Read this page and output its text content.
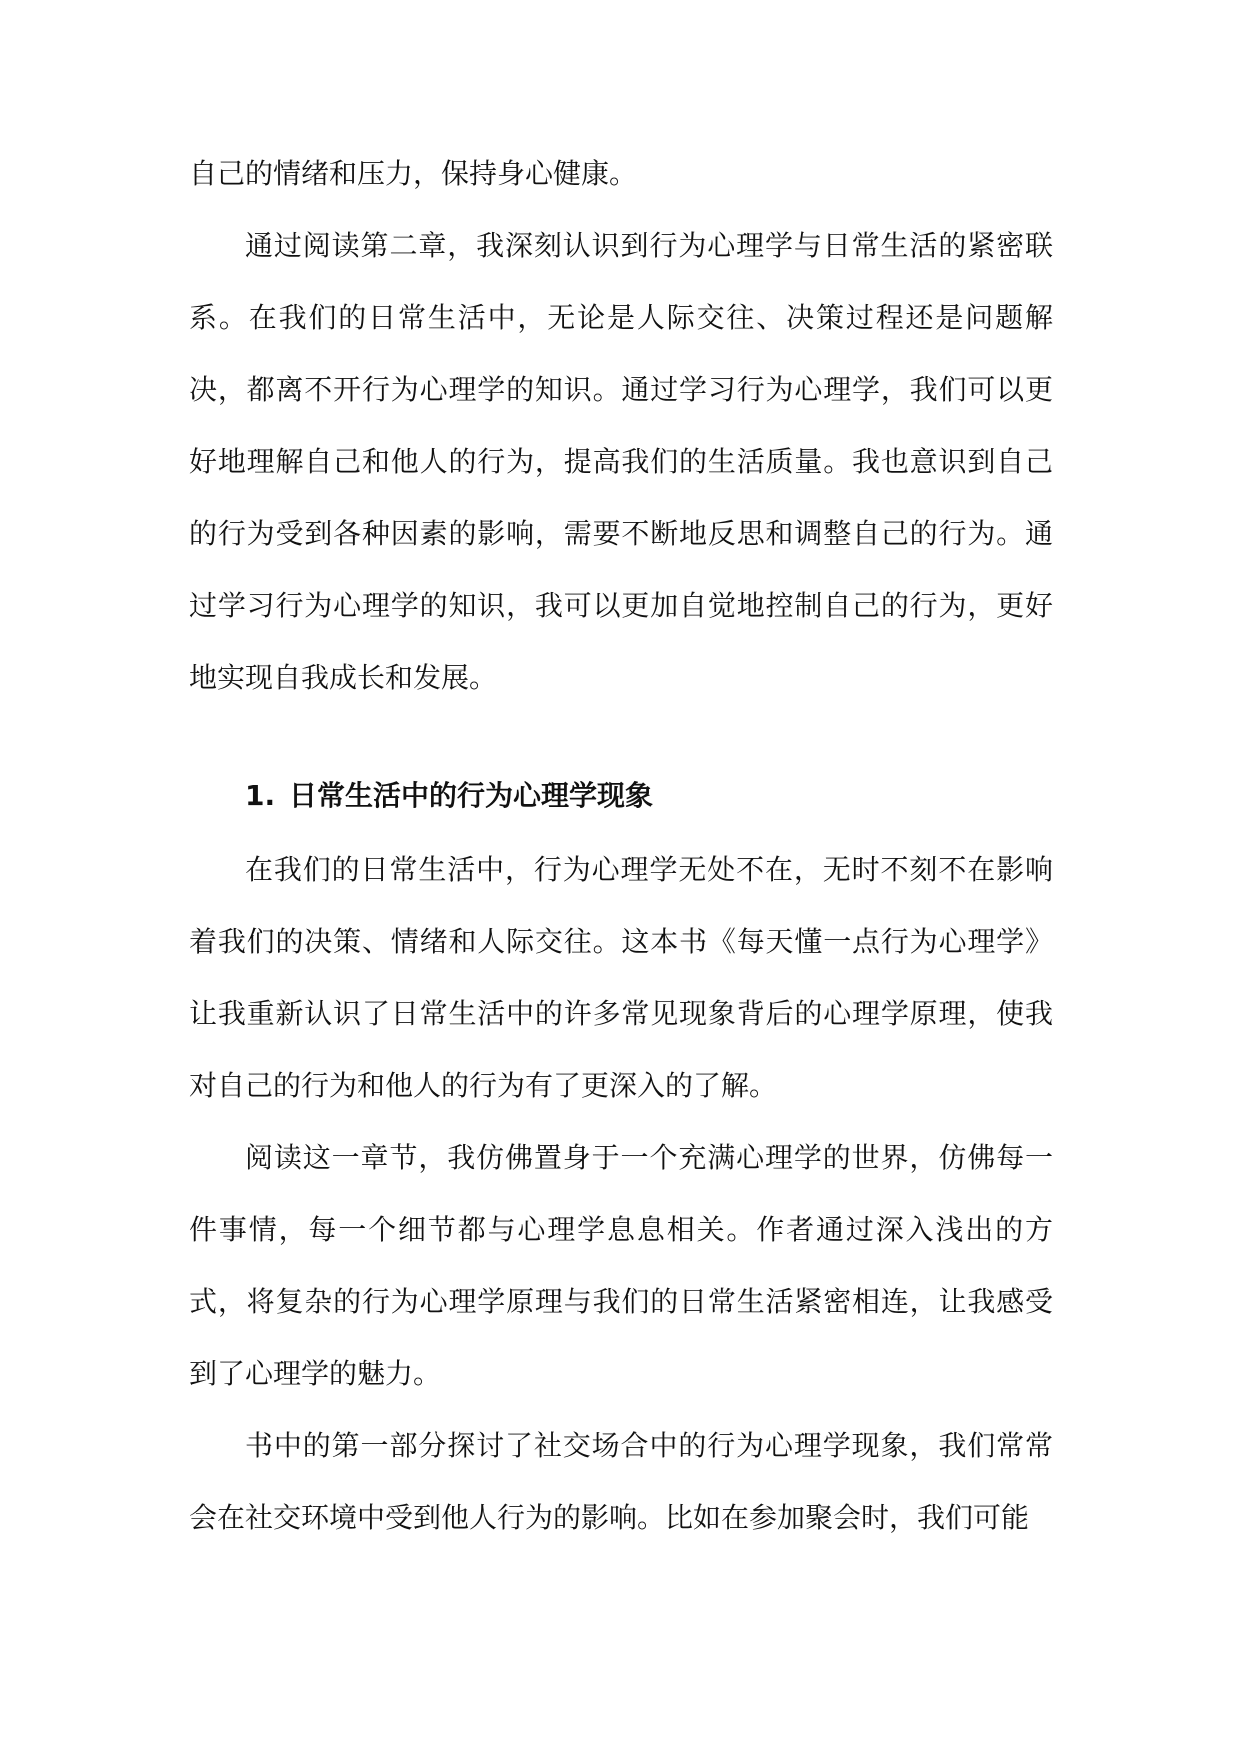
自己的情绪和压力，保持身心健康。

通过阅读第二章，我深刻认识到行为心理学与日常生活的紧密联系。在我们的日常生活中，无论是人际交往、决策过程还是问题解决，都离不开行为心理学的知识。通过学习行为心理学，我们可以更好地理解自己和他人的行为，提高我们的生活质量。我也意识到自己的行为受到各种因素的影响，需要不断地反思和调整自己的行为。通过学习行为心理学的知识，我可以更加自觉地控制自己的行为，更好地实现自我成长和发展。

1. 日常生活中的行为心理学现象

在我们的日常生活中，行为心理学无处不在，无时不刻不在影响着我们的决策、情绪和人际交往。这本书《每天懂一点行为心理学》让我重新认识了日常生活中的许多常见现象背后的心理学原理，使我对自己的行为和他人的行为有了更深入的了解。

阅读这一章节，我仿佛置身于一个充满心理学的世界，仿佛每一件事情，每一个细节都与心理学息息相关。作者通过深入浅出的方式，将复杂的行为心理学原理与我们的日常生活紧密相连，让我感受到了心理学的魅力。

书中的第一部分探讨了社交场合中的行为心理学现象，我们常常会在社交环境中受到他人行为的影响。比如在参加聚会时，我们可能
